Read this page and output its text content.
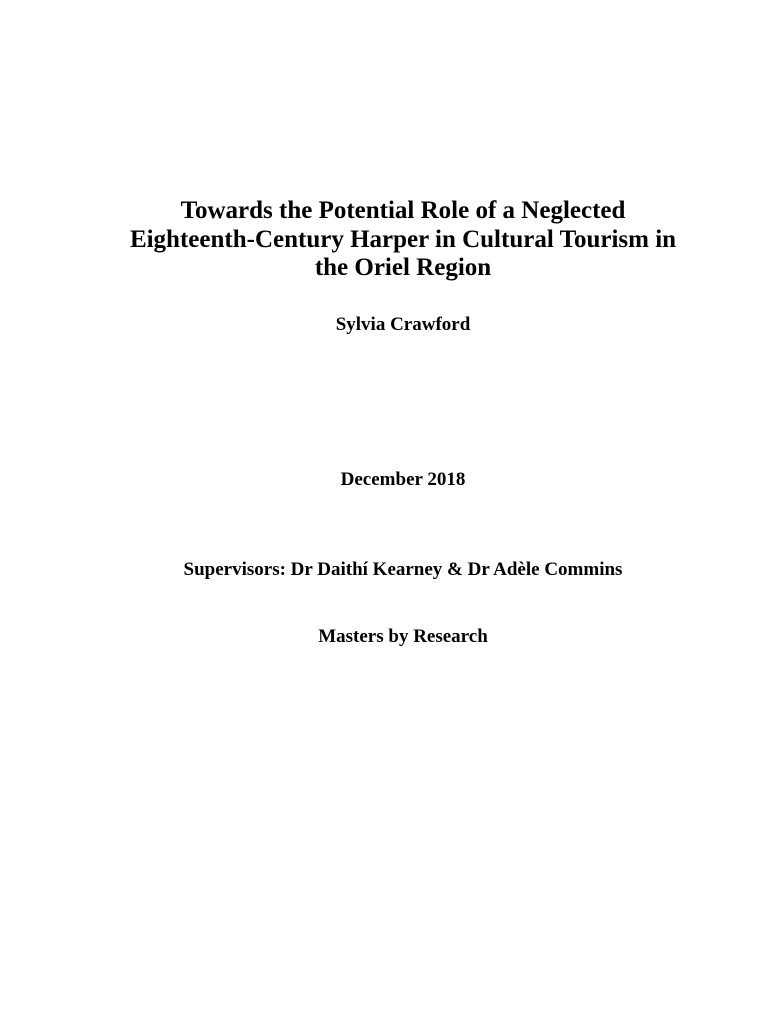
Towards the Potential Role of a Neglected
Eighteenth-Century Harper in Cultural Tourism in
the Oriel Region
Sylvia Crawford
December 2018
Supervisors: Dr Daithí Kearney & Dr Adèle Commins
Masters by Research
